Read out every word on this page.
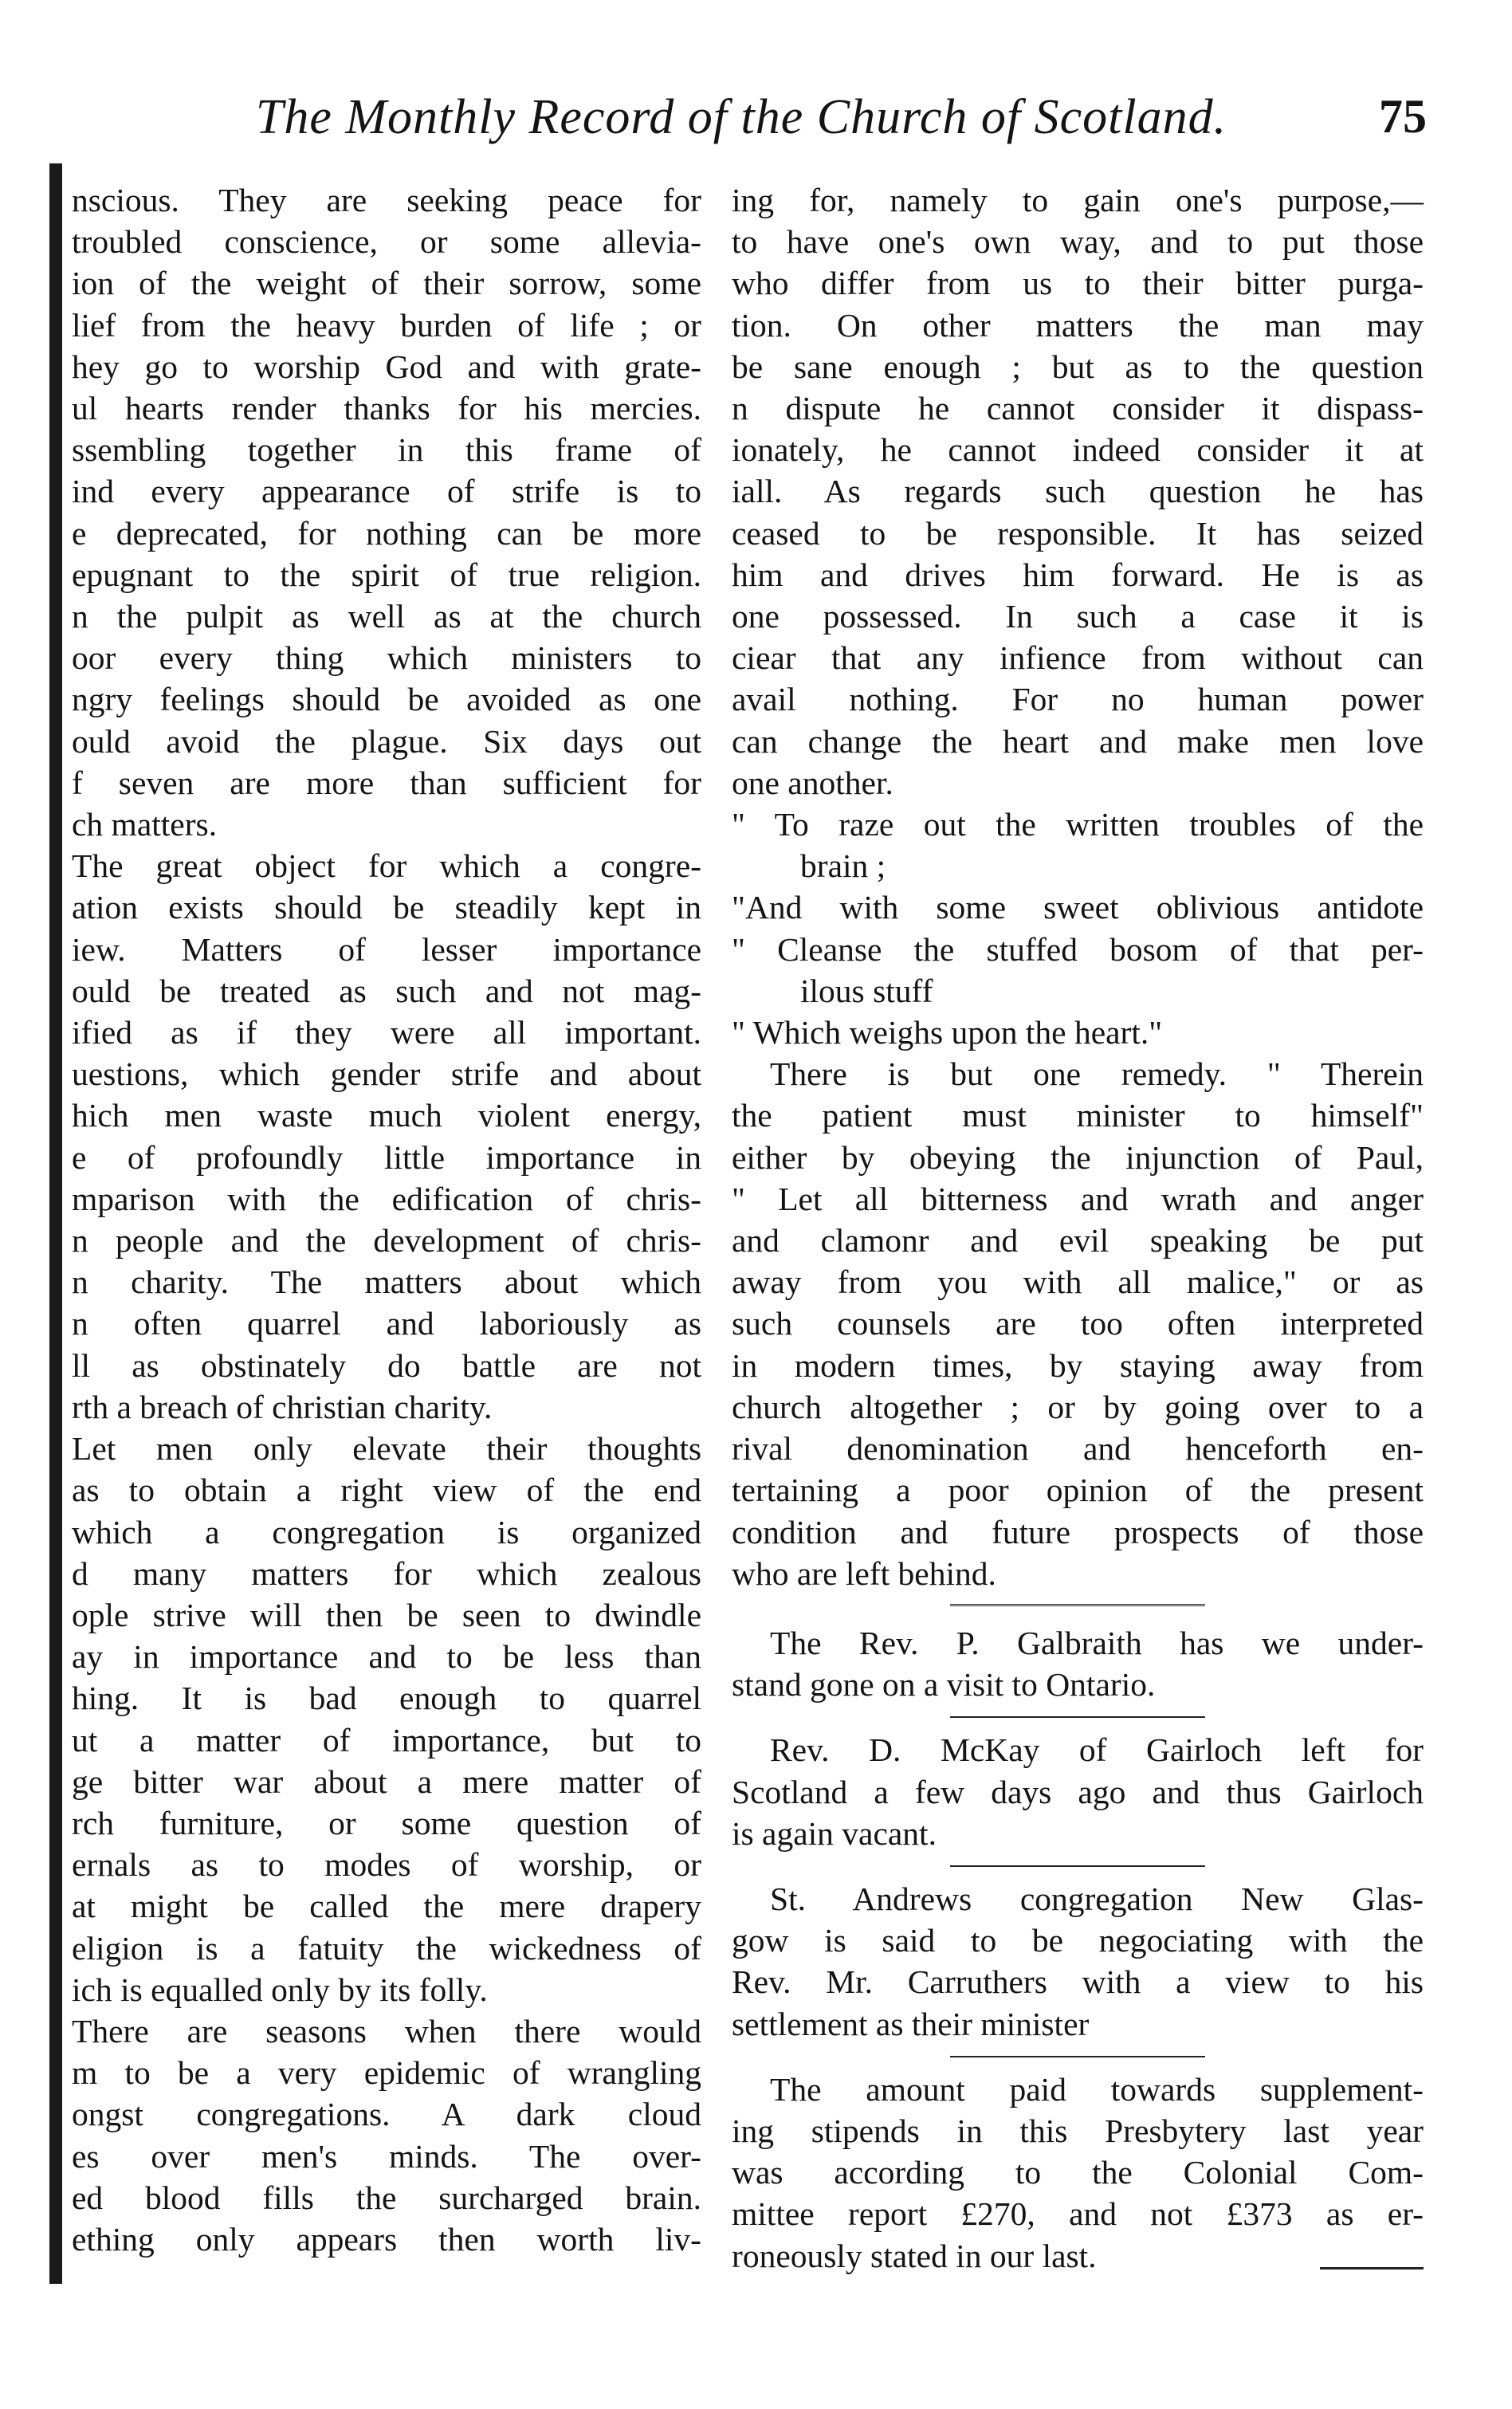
The Monthly Record of the Church of Scotland.	75
nscious. They are seeking peace for
troubled conscience, or some allevia-
ion of the weight of their sorrow, some
lief from the heavy burden of life ; or
hey go to worship God and with grate-
ul hearts render thanks for his mercies.
ssembling together in this frame of
ind every appearance of strife is to
e deprecated, for nothing can be more
epugnant to the spirit of true religion.
n the pulpit as well as at the church
oor every thing which ministers to
ngry feelings should be avoided as one
ould avoid the plague. Six days out
f seven are more than sufficient for
ch matters.
The great object for which a congre-
ation exists should be steadily kept in
iew. Matters of lesser importance
ould be treated as such and not mag-
ified as if they were all important.
uestions, which gender strife and about
hich men waste much violent energy,
e of profoundly little importance in
mparison with the edification of chris-
n people and the development of chris-
n charity. The matters about which
n often quarrel and laboriously as
ll as obstinately do battle are not
rth a breach of christian charity.
Let men only elevate their thoughts
as to obtain a right view of the end
which a congregation is organized
d many matters for which zealous
ople strive will then be seen to dwindle
ay in importance and to be less than
hing. It is bad enough to quarrel
ut a matter of importance, but to
ge bitter war about a mere matter of
rch furniture, or some question of
ernals as to modes of worship, or
at might be called the mere drapery
eligion is a fatuity the wickedness of
ich is equalled only by its folly.
There are seasons when there would
m to be a very epidemic of wrangling
ongst congregations. A dark cloud
es over men's minds. The over-
ed blood fills the surcharged brain.
ething only appears then worth liv-
ing for, namely to gain one's purpose,—
to have one's own way, and to put those
who differ from us to their bitter purga-
tion. On other matters the man may
be sane enough ; but as to the question
n dispute he cannot consider it dispass-
ionately, he cannot indeed consider it at
iall. As regards such question he has
ceased to be responsible. It has seized
him and drives him forward. He is as
one possessed. In such a case it is
ciear that any infience from without can
avail nothing. For no human power
can change the heart and make men love
one another.
" To raze out the written troubles of the
brain ;
"And with some sweet oblivious antidote
" Cleanse the stuffed bosom of that per-
ilous stuff
" Which weighs upon the heart."
There is but one remedy. " Therein
the patient must minister to himself"
either by obeying the injunction of Paul,
" Let all bitterness and wrath and anger
and clamonr and evil speaking be put
away from you with all malice," or as
such counsels are too often interpreted
in modern times, by staying away from
church altogether ; or by going over to a
rival denomination and henceforth en-
tertaining a poor opinion of the present
condition and future prospects of those
who are left behind.
The Rev. P. Galbraith has we under-
stand gone on a visit to Ontario.
Rev. D. McKay of Gairloch left for
Scotland a few days ago and thus Gairloch
is again vacant.
St. Andrews congregation New Glas-
gow is said to be negociating with the
Rev. Mr. Carruthers with a view to his
settlement as their minister
The amount paid towards supplement-
ing stipends in this Presbytery last year
was according to the Colonial Com-
mittee report £270, and not £373 as er-
roneously stated in our last.
